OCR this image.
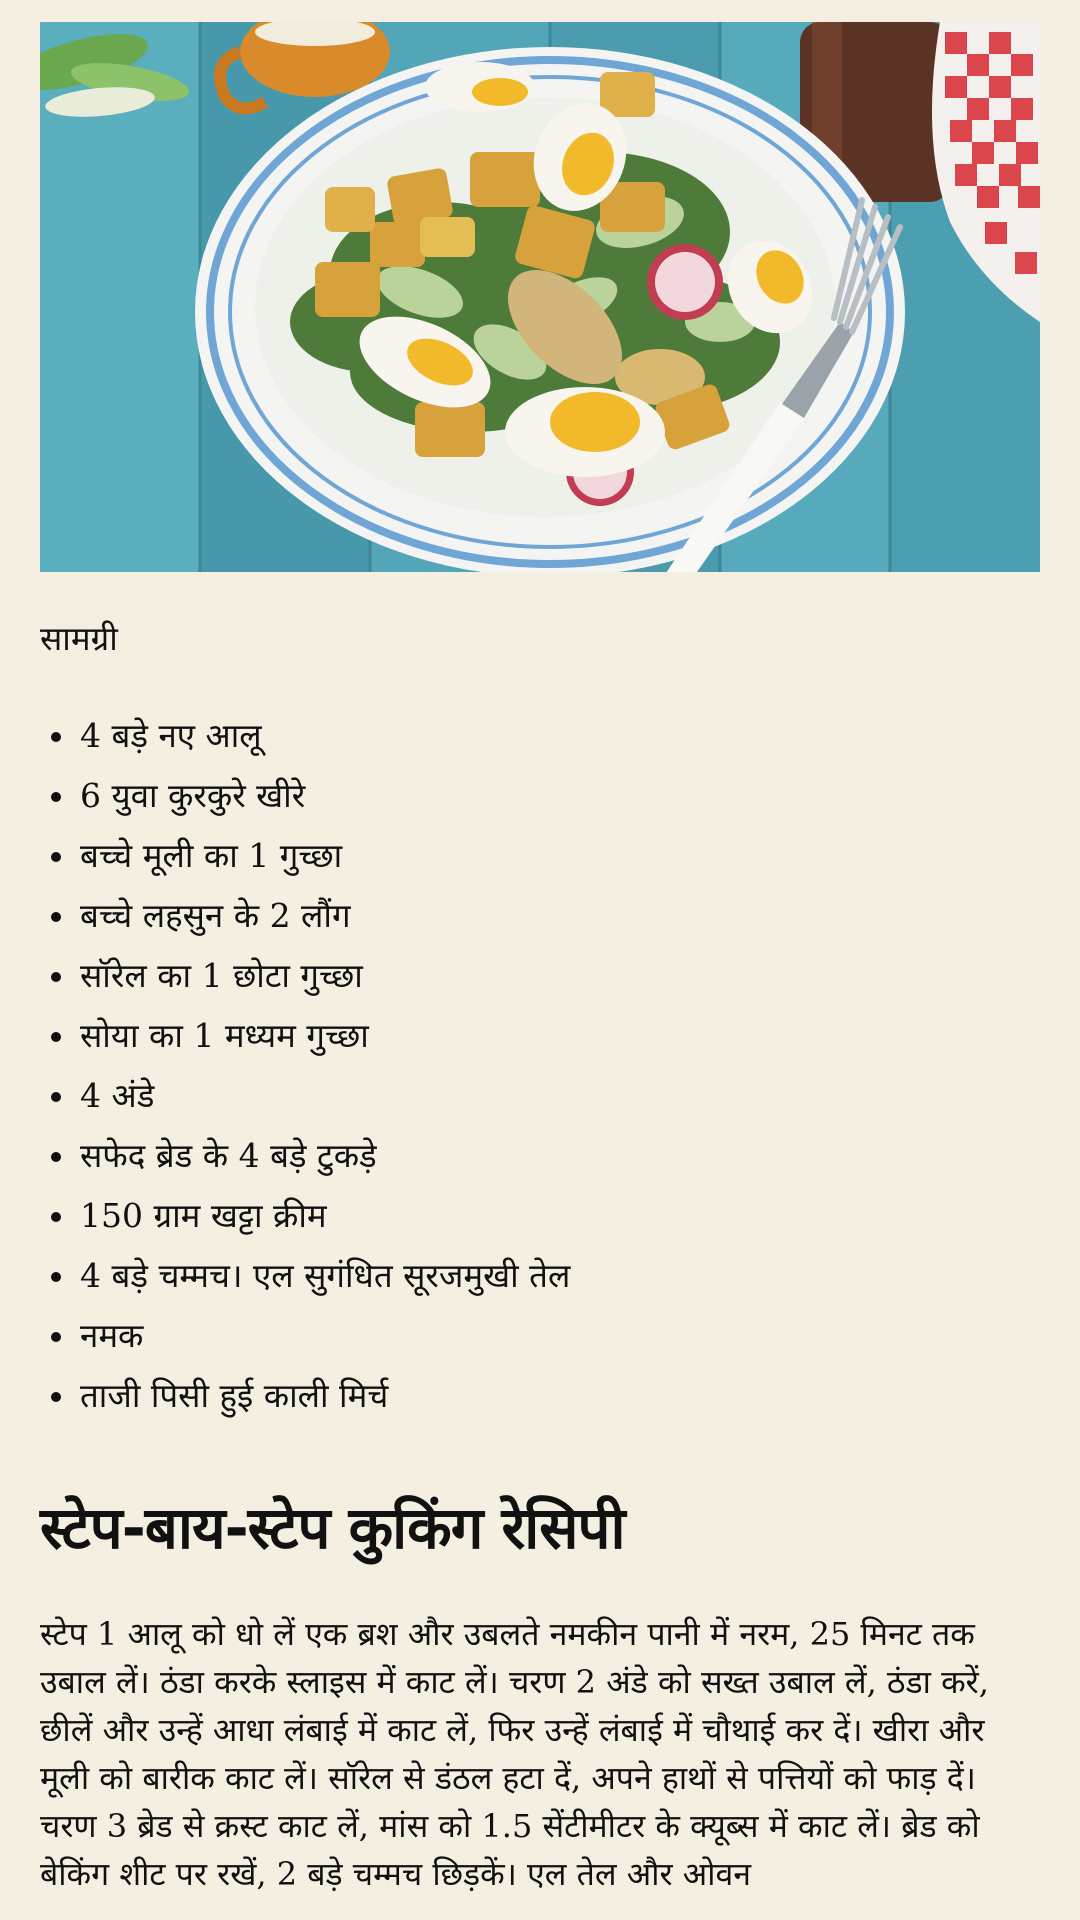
सामग्री
4 बड़े नए आलू
6 युवा कुरकुरे खीरे
बच्चे मूली का 1 गुच्छा
बच्चे लहसुन के 2 लौंग
सॉरेल का 1 छोटा गुच्छा
सोया का 1 मध्यम गुच्छा
4 अंडे
सफेद ब्रेड के 4 बड़े टुकड़े
150 ग्राम खट्टा क्रीम
4 बड़े चम्मच। एल सुगंधित सूरजमुखी तेल
नमक
ताजी पिसी हुई काली मिर्च
स्टेप-बाय-स्टेप कुकिंग रेसिपी

स्टेप 1 आलू को धो लें एक ब्रश और उबलते नमकीन पानी में नरम, 25 मिनट तक उबाल लें। ठंडा करके स्लाइस में काट लें। चरण 2 अंडे को सख्त उबाल लें, ठंडा करें, छीलें और उन्हें आधा लंबाई में काट लें, फिर उन्हें लंबाई में चौथाई कर दें। खीरा और मूली को बारीक काट लें। सॉरेल से डंठल हटा दें, अपने हाथों से पत्तियों को फाड़ दें। चरण 3 ब्रेड से क्रस्ट काट लें, मांस को 1.5 सेंटीमीटर के क्यूब्स में काट लें। ब्रेड को बेकिंग शीट पर रखें, 2 बड़े चम्मच छिड़कें। एल तेल और ओवन
